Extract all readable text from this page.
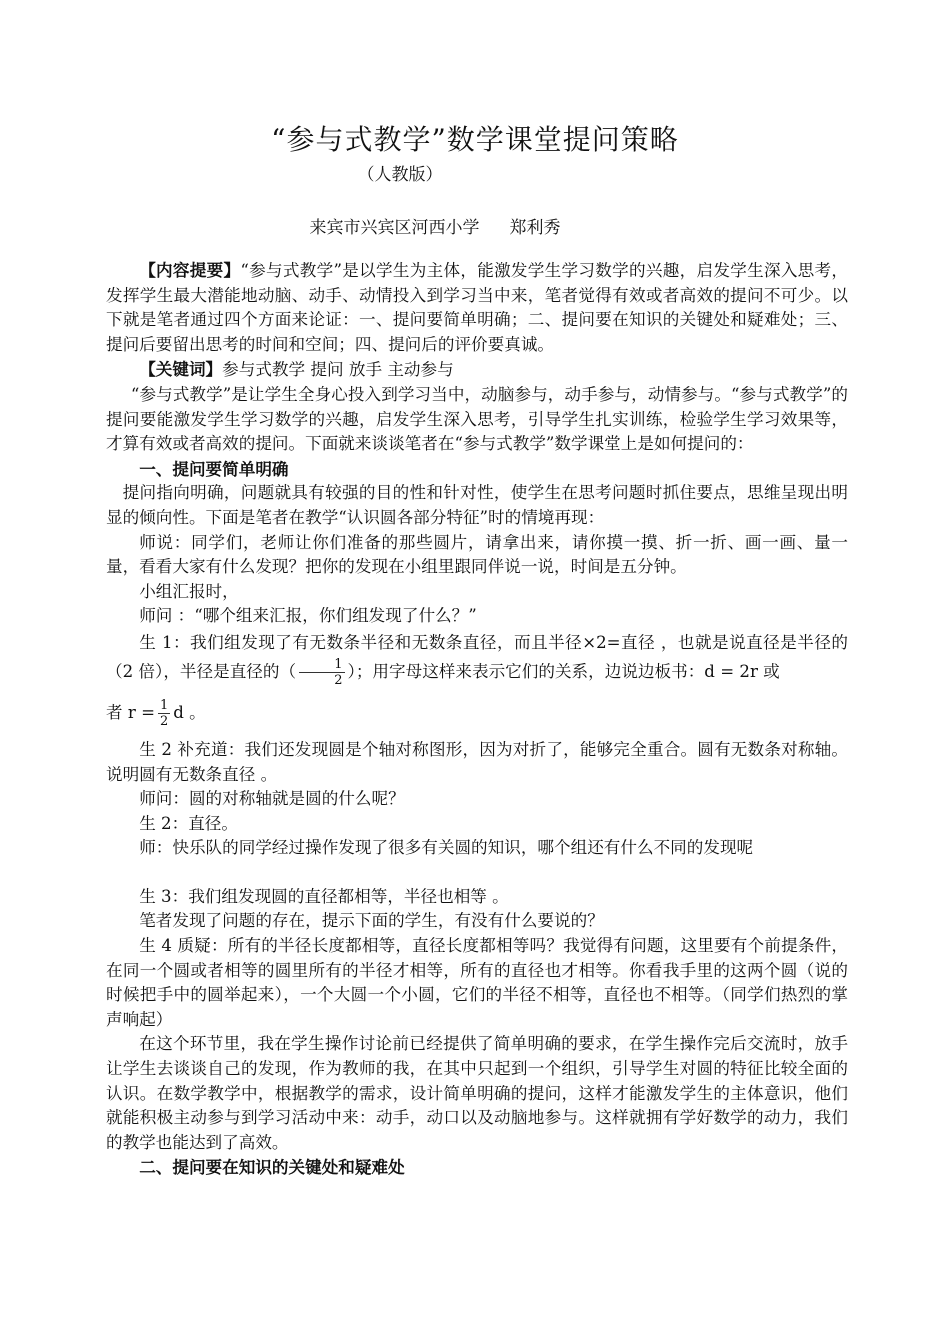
“参与式教学”数学课堂提问策略
（人教版）
来宾市兴宾区河西小学 郑利秀

【内容提要】“参与式教学”是以学生为主体，能激发学生学习数学的兴趣，启发学生深入思考，发挥学生最大潜能地动脑、动手、动情投入到学习当中来，笔者觉得有效或者高效的提问不可少。以下就是笔者通过四个方面来论证：一、提问要简单明确；二、提问要在知识的关键处和疑难处；三、提问后要留出思考的时间和空间；四、提问后的评价要真诚。

【关键词】参与式教学 提问 放手 主动参与

“参与式教学”是让学生全身心投入到学习当中，动脑参与，动手参与，动情参与。“参与式教学”的提问要能激发学生学习数学的兴趣，启发学生深入思考，引导学生扎实训练，检验学生学习效果等，才算有效或者高效的提问。下面就来谈谈笔者在“参与式教学”数学课堂上是如何提问的：

一、提问要简单明确

提问指向明确，问题就具有较强的目的性和针对性，使学生在思考问题时抓住要点，思维呈现出明显的倾向性。下面是笔者在教学“认识圆各部分特征”时的情境再现：

师说：同学们，老师让你们准备的那些圆片，请拿出来，请你摸一摸、折一折、画一画、量一量，看看大家有什么发现？把你的发现在小组里跟同伴说一说，时间是五分钟。

小组汇报时，

师问 ：“哪个组来汇报，你们组发现了什么？”

生 1：我们组发现了有无数条半径和无数条直径，而且半径×2=直径 ，也就是说直径是半径的（2 倍），半径是直径的（ $\frac{1}{2}$ ）；用字母这样来表示它们的关系，边说边板书：d = 2r 或

者 $r = \frac{1}{2}$ d 。

生 2 补充道：我们还发现圆是个轴对称图形，因为对折了，能够完全重合。圆有无数条对称轴。说明圆有无数条直径 。

师问：圆的对称轴就是圆的什么呢？

生 2：直径。

师：快乐队的同学经过操作发现了很多有关圆的知识，哪个组还有什么不同的发现呢

生 3：我们组发现圆的直径都相等，半径也相等 。

笔者发现了问题的存在，提示下面的学生，有没有什么要说的？

生 4 质疑：所有的半径长度都相等，直径长度都相等吗？我觉得有问题，这里要有个前提条件，在同一个圆或者相等的圆里所有的半径才相等，所有的直径也才相等。你看我手里的这两个圆（说的时候把手中的圆举起来），一个大圆一个小圆，它们的半径不相等，直径也不相等。（同学们热烈的掌声响起）

在这个环节里，我在学生操作讨论前已经提供了简单明确的要求，在学生操作完后交流时，放手让学生去谈谈自己的发现，作为教师的我，在其中只起到一个组织，引导学生对圆的特征比较全面的认识。在数学教学中，根据教学的需求，设计简单明确的提问，这样才能激发学生的主体意识，他们就能积极主动参与到学习活动中来：动手，动口以及动脑地参与。这样就拥有学好数学的动力，我们的教学也能达到了高效。

二、提问要在知识的关键处和疑难处
